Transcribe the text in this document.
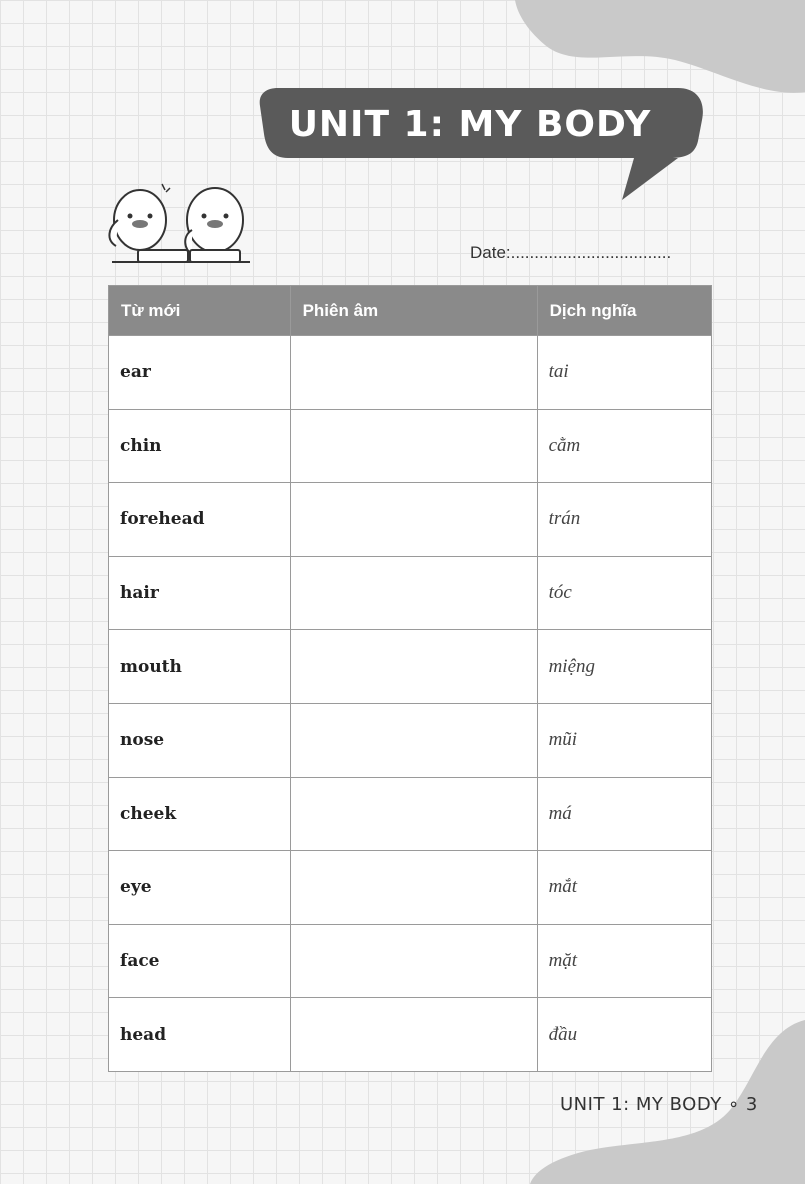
UNIT 1: MY BODY
Date:..................................
Từ mới	Phiên âm	Dịch nghĩa
ear		tai
chin		cằm
forehead		trán
hair		tóc
mouth		miệng
nose		mũi
cheek		má
eye		mắt
face		mặt
head		đầu
UNIT 1: MY BODY ∘ 3
